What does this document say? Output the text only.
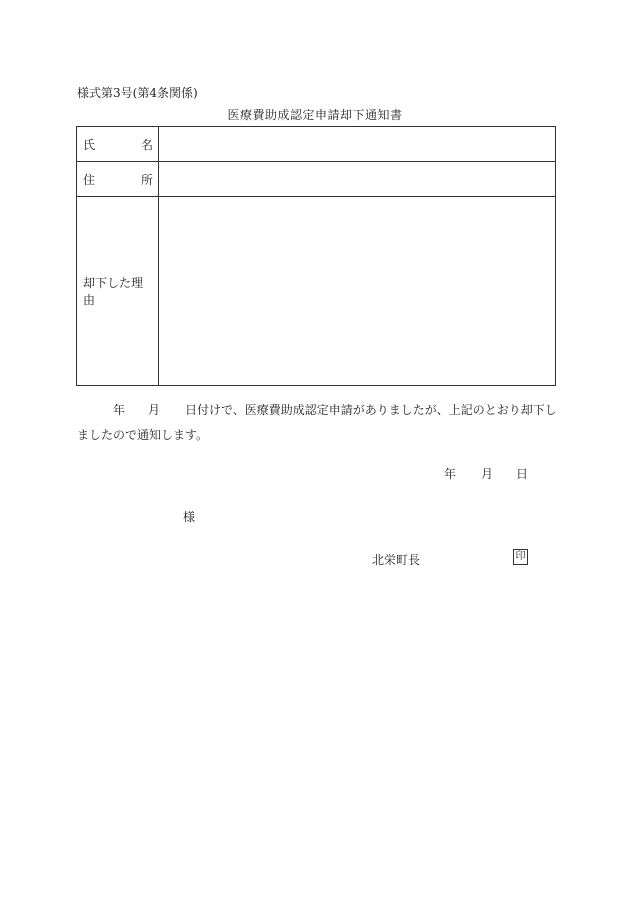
様式第3号(第4条関係)
医療費助成認定申請却下通知書
氏 名	

住 所	

却下した理由	
年 月 日付けで、医療費助成認定申請がありましたが、上記のとおり却下し
ましたので通知します。
年 月 日
様
北栄町長	印
